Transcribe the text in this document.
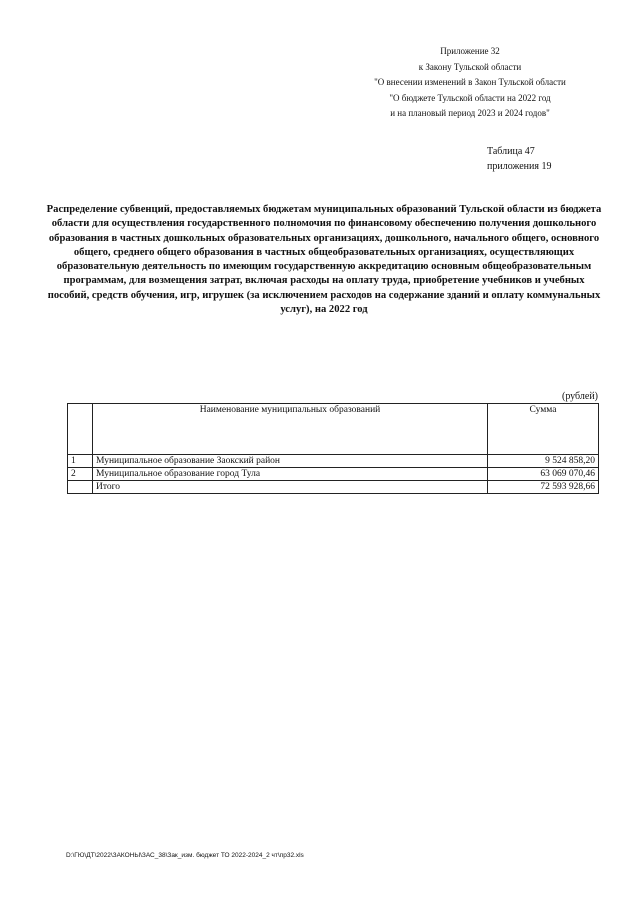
Приложение 32
к Закону Тульской области
"О внесении изменений в Закон Тульской области
"О бюджете Тульской области на 2022 год
и на плановый период 2023 и 2024 годов"
Таблица 47
приложения 19
Распределение субвенций, предоставляемых бюджетам муниципальных образований Тульской области из бюджета области для осуществления государственного полномочия по финансовому обеспечению получения дошкольного образования в частных дошкольных образовательных организациях, дошкольного, начального общего, основного общего, среднего общего образования в частных общеобразовательных организациях, осуществляющих образовательную деятельность по имеющим государственную аккредитацию основным общеобразовательным программам, для возмещения затрат, включая расходы на оплату труда, приобретение учебников и учебных пособий, средств обучения, игр, игрушек (за исключением расходов на содержание зданий и оплату коммунальных услуг), на 2022 год
(рублей)
	Наименование муниципальных образований	Сумма
1	Муниципальное образование Заокский район	9 524 858,20
2	Муниципальное образование город Тула	63 069 070,46
	Итого	72 593 928,66
D:\ГЮ\ДТ\2022\ЗАКОНЫ\ЗАС_38\Зак_изм. бюджет ТО 2022-2024_2 чт\пр32.xls
